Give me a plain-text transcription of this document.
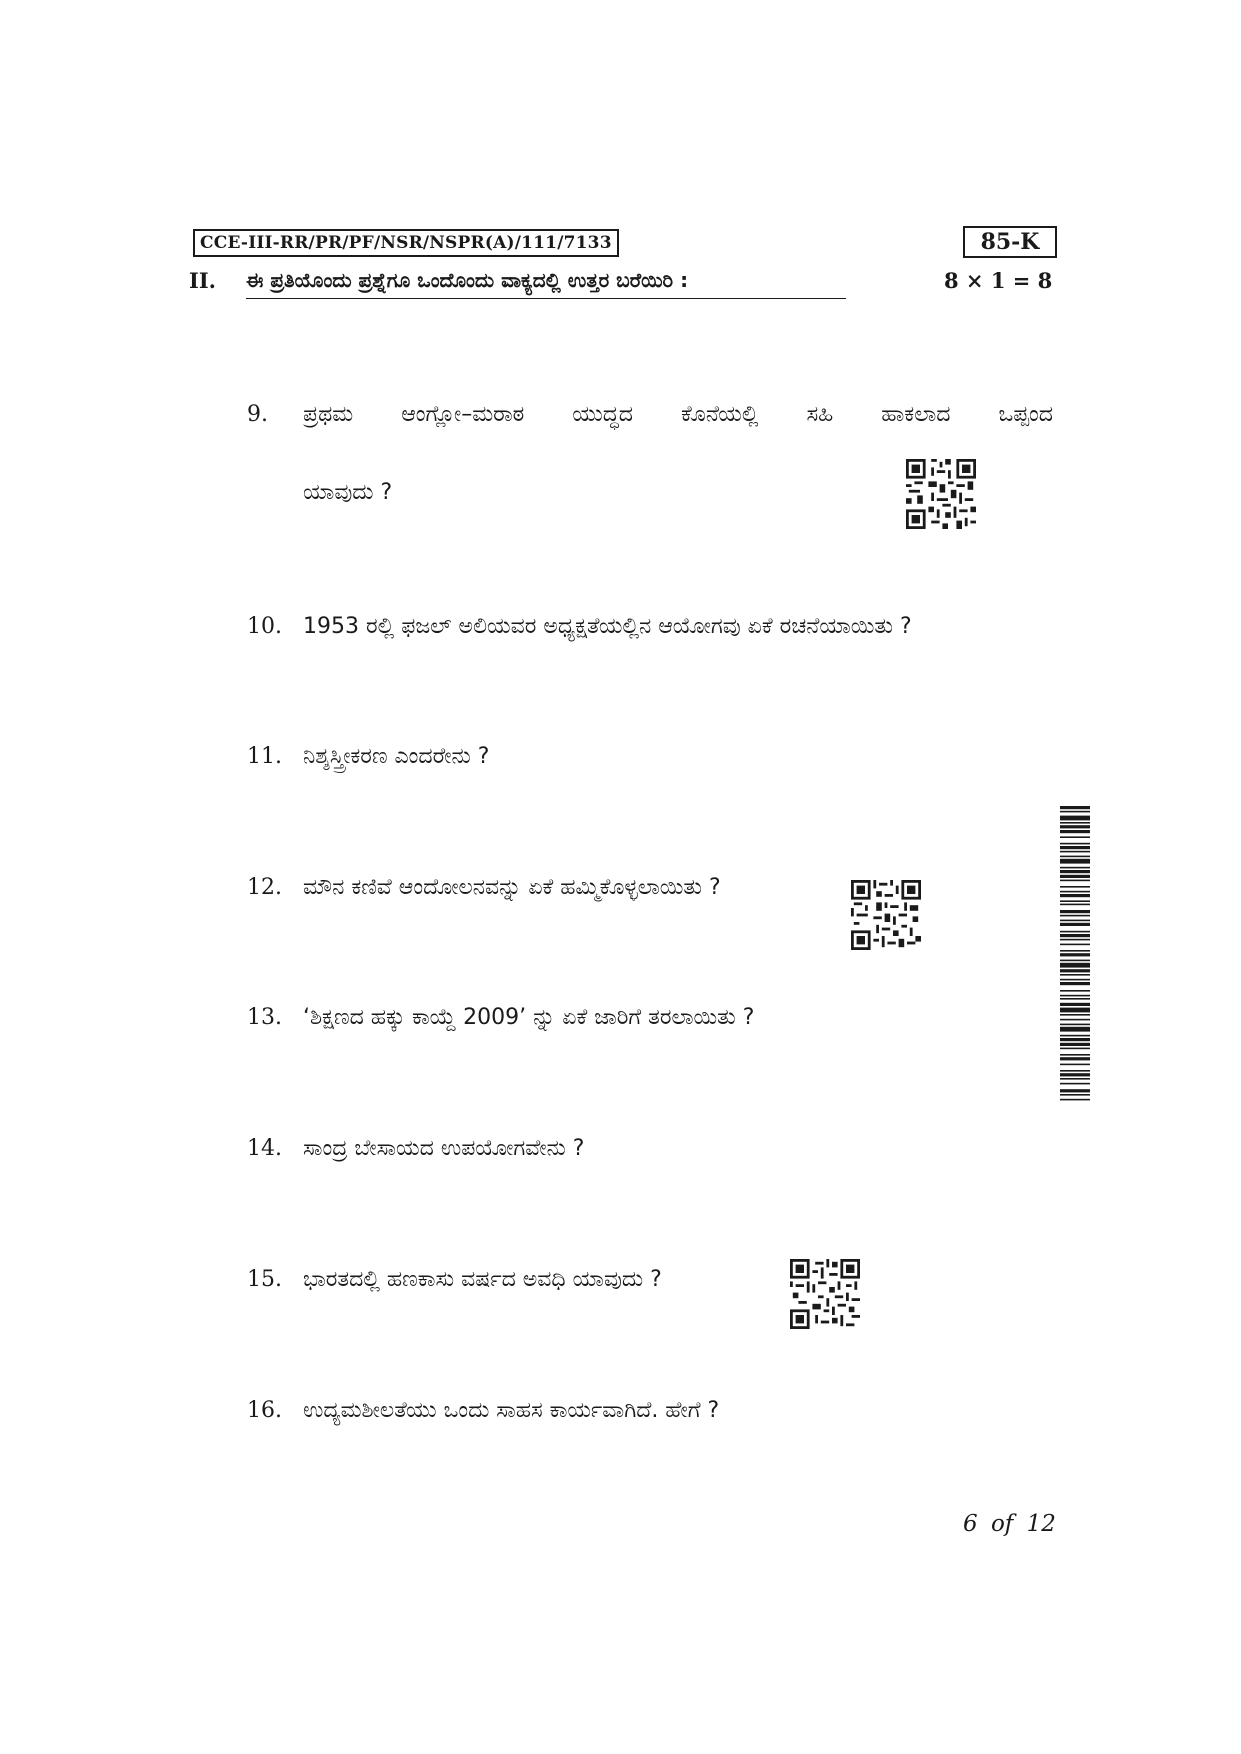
CCE-III-RR/PR/PF/NSR/NSPR(A)/111/7133	85-K
II. ಈ ಪ್ರತಿಯೊಂದು ಪ್ರಶ್ನೆಗೂ ಒಂದೊಂದು ವಾಕ್ಯದಲ್ಲಿ ಉತ್ತರ ಬರೆಯಿರಿ :	8 × 1 = 8
9. ಪ್ರಥಮ ಆಂಗ್ಲೋ–ಮರಾಠ ಯುದ್ಧದ ಕೊನೆಯಲ್ಲಿ ಸಹಿ ಹಾಕಲಾದ ಒಪ್ಪಂದ
ಯಾವುದು ?
10. 1953 ರಲ್ಲಿ ಫಜಲ್ ಅಲಿಯವರ ಅಧ್ಯಕ್ಷತೆಯಲ್ಲಿನ ಆಯೋಗವು ಏಕೆ ರಚನೆಯಾಯಿತು ?
11. ನಿಶ್ಶಸ್ತ್ರೀಕರಣ ಎಂದರೇನು ?
12. ಮೌನ ಕಣಿವೆ ಆಂದೋಲನವನ್ನು ಏಕೆ ಹಮ್ಮಿಕೊಳ್ಳಲಾಯಿತು ?
13. ‘ಶಿಕ್ಷಣದ ಹಕ್ಕು ಕಾಯ್ದೆ 2009’ ನ್ನು ಏಕೆ ಜಾರಿಗೆ ತರಲಾಯಿತು ?
14. ಸಾಂದ್ರ ಬೇಸಾಯದ ಉಪಯೋಗವೇನು ?
15. ಭಾರತದಲ್ಲಿ ಹಣಕಾಸು ವರ್ಷದ ಅವಧಿ ಯಾವುದು ?
16. ಉದ್ಯಮಶೀಲತೆಯು ಒಂದು ಸಾಹಸ ಕಾರ್ಯವಾಗಿದೆ. ಹೇಗೆ ?
6 of 12
